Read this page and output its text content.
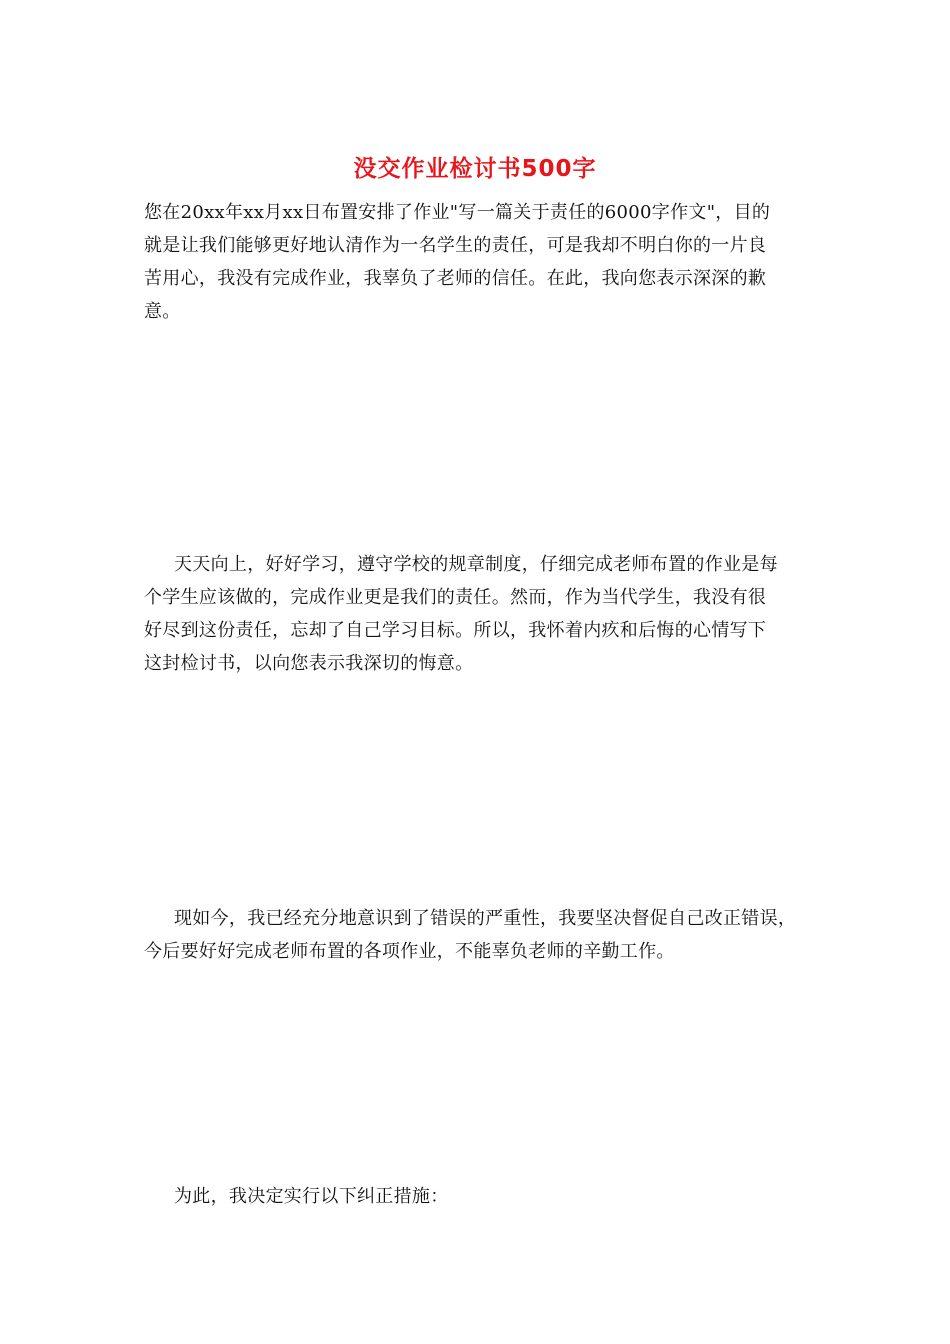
没交作业检讨书500字
您在20xx年xx月xx日布置安排了作业"写一篇关于责任的6000字作文"，目的
就是让我们能够更好地认清作为一名学生的责任，可是我却不明白你的一片良
苦用心，我没有完成作业，我辜负了老师的信任。在此，我向您表示深深的歉
意。
天天向上，好好学习，遵守学校的规章制度，仔细完成老师布置的作业是每
个学生应该做的，完成作业更是我们的责任。然而，作为当代学生，我没有很
好尽到这份责任，忘却了自己学习目标。所以，我怀着内疚和后悔的心情写下
这封检讨书，以向您表示我深切的悔意。
现如今，我已经充分地意识到了错误的严重性，我要坚决督促自己改正错误，
今后要好好完成老师布置的各项作业，不能辜负老师的辛勤工作。
为此，我决定实行以下纠正措施：
